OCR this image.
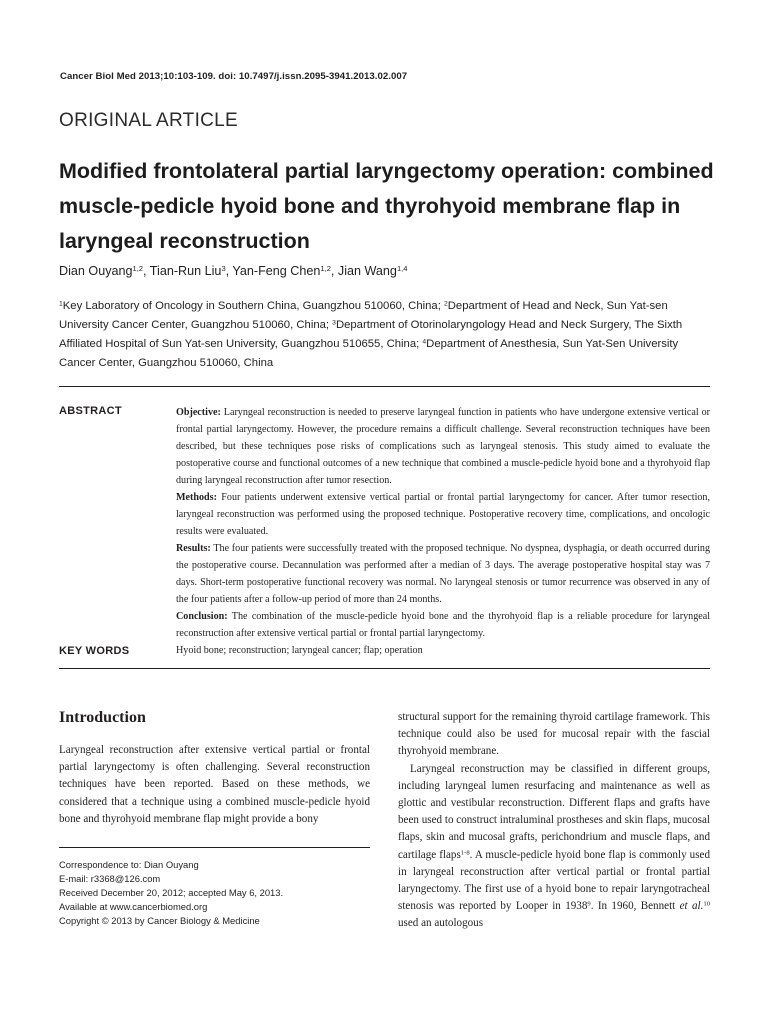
Cancer Biol Med 2013;10:103-109. doi: 10.7497/j.issn.2095-3941.2013.02.007
ORIGINAL ARTICLE
Modified frontolateral partial laryngectomy operation: combined muscle-pedicle hyoid bone and thyrohyoid membrane flap in laryngeal reconstruction
Dian Ouyang$^{1,2}$, Tian-Run Liu$^3$, Yan-Feng Chen$^{1,2}$, Jian Wang$^{1,4}$
$^1$Key Laboratory of Oncology in Southern China, Guangzhou 510060, China; $^2$Department of Head and Neck, Sun Yat-sen University Cancer Center, Guangzhou 510060, China; $^3$Department of Otorinolaryngology Head and Neck Surgery, The Sixth Affiliated Hospital of Sun Yat-sen University, Guangzhou 510655, China; $^4$Department of Anesthesia, Sun Yat-Sen University Cancer Center, Guangzhou 510060, China
ABSTRACT	Objective: Laryngeal reconstruction is needed to preserve laryngeal function in patients who have undergone extensive vertical or frontal partial laryngectomy. However, the procedure remains a difficult challenge. Several reconstruction techniques have been described, but these techniques pose risks of complications such as laryngeal stenosis. This study aimed to evaluate the postoperative course and functional outcomes of a new technique that combined a muscle-pedicle hyoid bone and a thyrohyoid flap during laryngeal reconstruction after tumor resection.

Methods: Four patients underwent extensive vertical partial or frontal partial laryngectomy for cancer. After tumor resection, laryngeal reconstruction was performed using the proposed technique. Postoperative recovery time, complications, and oncologic results were evaluated.

Results: The four patients were successfully treated with the proposed technique. No dyspnea, dysphagia, or death occurred during the postoperative course. Decannulation was performed after a median of 3 days. The average postoperative hospital stay was 7 days. Short-term postoperative functional recovery was normal. No laryngeal stenosis or tumor recurrence was observed in any of the four patients after a follow-up period of more than 24 months.

Conclusion: The combination of the muscle-pedicle hyoid bone and the thyrohyoid flap is a reliable procedure for laryngeal reconstruction after extensive vertical partial or frontal partial laryngectomy.

KEY WORDS	Hyoid bone; reconstruction; laryngeal cancer; flap; operation
Introduction
Laryngeal reconstruction after extensive vertical partial or frontal partial laryngectomy is often challenging. Several reconstruction techniques have been reported. Based on these methods, we considered that a technique using a combined muscle-pedicle hyoid bone and thyrohyoid membrane flap might provide a bony
structural support for the remaining thyroid cartilage framework. This technique could also be used for mucosal repair with the fascial thyrohyoid membrane.
Laryngeal reconstruction may be classified in different groups, including laryngeal lumen resurfacing and maintenance as well as glottic and vestibular reconstruction. Different flaps and grafts have been used to construct intraluminal prostheses and skin flaps, mucosal flaps, skin and mucosal grafts, perichondrium and muscle flaps, and cartilage flaps$^{1-8}$. A muscle-pedicle hyoid bone flap is commonly used in laryngeal reconstruction after vertical partial or frontal partial laryngectomy. The first use of a hyoid bone to repair laryngotracheal stenosis was reported by Looper in 1938$^9$. In 1960, Bennett et al.$^{10}$ used an autologous
Correspondence to: Dian Ouyang
E-mail: r3368@126.com
Received December 20, 2012; accepted May 6, 2013.
Available at www.cancerbiomed.org
Copyright © 2013 by Cancer Biology & Medicine
